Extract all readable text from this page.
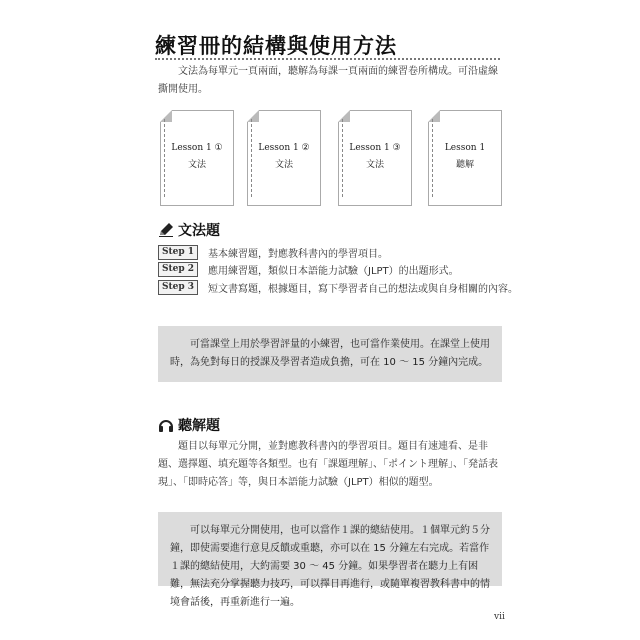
練習冊的結構與使用方法
文法為每單元一頁兩面，聽解為每課一頁兩面的練習卷所構成。可沿虛線撕開使用。
Lesson 1 ①
文法
Lesson 1 ②
文法
Lesson 1 ③
文法
Lesson 1
聽解
文法題
Step 1	基本練習題，對應教科書內的學習項目。
Step 2	應用練習題，類似日本語能力試驗（JLPT）的出題形式。
Step 3	短文書寫題，根據題目，寫下學習者自己的想法或與自身相關的內容。
可當課堂上用於學習評量的小練習，也可當作業使用。在課堂上使用時，為免對每日的授課及學習者造成負擔，可在 10 ～ 15 分鐘內完成。
聽解題
題目以每單元分開，並對應教科書內的學習項目。題目有速連看、是非題、選擇題、填充題等各類型。也有「課題理解」、「ポイント理解」、「発話表現」、「即時応答」等，與日本語能力試驗（JLPT）相似的題型。
可以每單元分開使用，也可以當作１課的總結使用。１個單元約５分鐘，即使需要進行意見反饋或重聽，亦可以在 15 分鐘左右完成。若當作１課的總結使用，大約需要 30 ～ 45 分鐘。如果學習者在聽力上有困難，無法充分掌握聽力技巧，可以擇日再進行，或隨單複習教科書中的情境會話後，再重新進行一遍。
vii
